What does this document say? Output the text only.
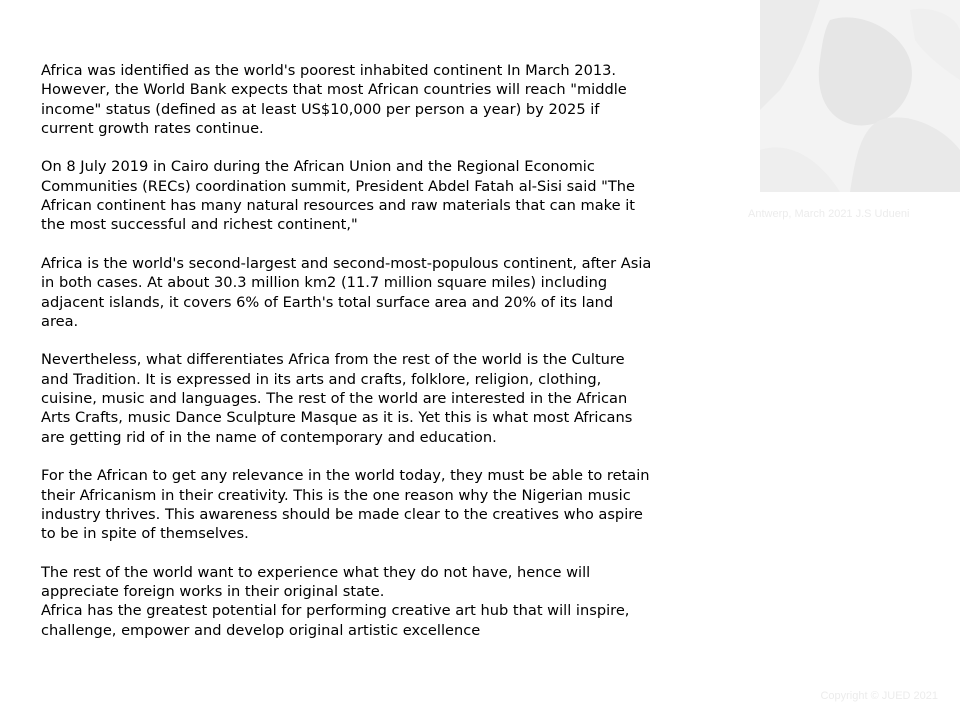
Antwerp, March 2021 J.S Udueni

Africa was identified as the world's poorest inhabited continent In March 2013.
However, the World Bank expects that most African countries will reach "middle
income" status (defined as at least US$10,000 per person a year) by 2025 if
current growth rates continue.

On 8 July 2019 in Cairo during the African Union and the Regional Economic
Communities (RECs) coordination summit, President Abdel Fatah al-Sisi said "The
African continent has many natural resources and raw materials that can make it
the most successful and richest continent,"

Africa is the world's second-largest and second-most-populous continent, after Asia
in both cases. At about 30.3 million km2 (11.7 million square miles) including
adjacent islands, it covers 6% of Earth's total surface area and 20% of its land
area.

Nevertheless, what differentiates Africa from the rest of the world is the Culture
and Tradition. It is expressed in its arts and crafts, folklore, religion, clothing,
cuisine, music and languages. The rest of the world are interested in the African
Arts Crafts, music Dance Sculpture Masque as it is. Yet this is what most Africans
are getting rid of in the name of contemporary and education.

For the African to get any relevance in the world today, they must be able to retain
their Africanism in their creativity. This is the one reason why the Nigerian music
industry thrives. This awareness should be made clear to the creatives who aspire
to be in spite of themselves.

The rest of the world want to experience what they do not have, hence will
appreciate foreign works in their original state.

Africa has the greatest potential for performing creative art hub that will inspire,
challenge, empower and develop original artistic excellence

Copyright © JUED 2021
